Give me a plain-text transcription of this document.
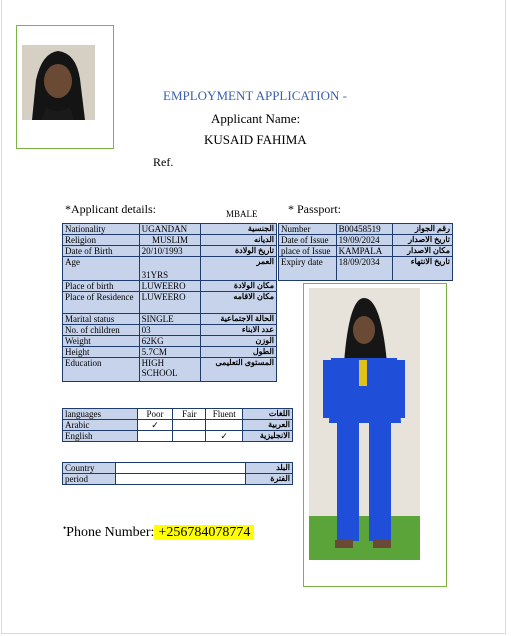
EMPLOYMENT APPLICATION -
Applicant Name:
KUSAID FAHIMA
Ref.
*Applicant details:	MBALE	* Passport:
Nationality	UGANDAN	الجنسية
Religion	MUSLIM	الديانه
Date of Birth	20/10/1993	تاريخ الولادة
Age	31YRS	العمر
Place of birth	LUWEERO	مكان الولادة
Place of Residence	LUWEERO	مكان الاقامه
Marital status	SINGLE	الحالة الاجتماعية
No. of children	03	عدد الابناء
Weight	62KG	الوزن
Height	5.7CM	الطول
Education	HIGH SCHOOL	المستوى التعليمى
Number	B00458519	رقم الجواز
Date of Issue	19/09/2024	تاريخ الاصدار
place of Issue	KAMPALA	مكان الاصدار
Expiry date	18/09/2034	تاريخ الانتهاء
languages	Poor	Fair	Fluent	اللغات
Arabic	✓			العربية
English			✓	الانجليزية
Country		البلد
period		الفترة
•Phone Number: +256784078774
